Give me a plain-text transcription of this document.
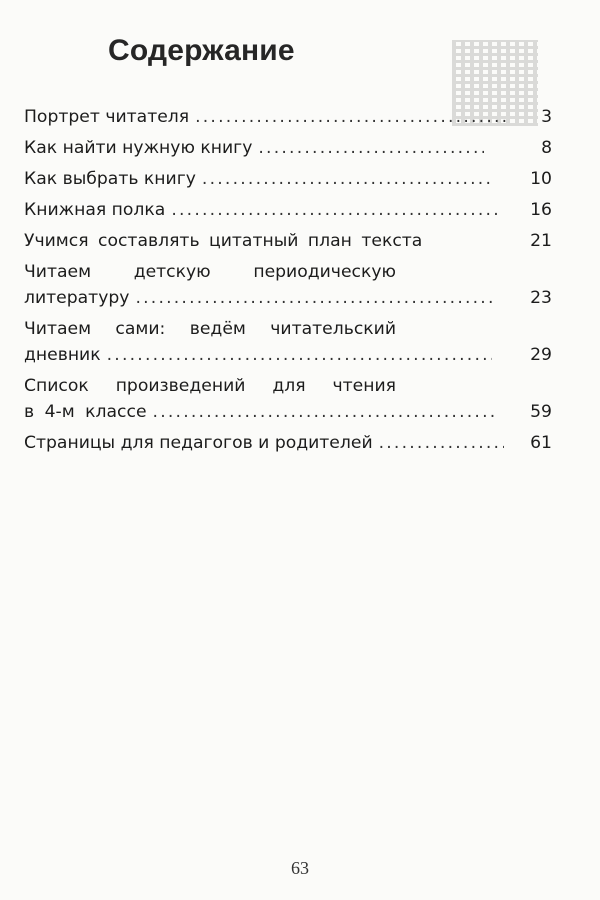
Содержание
Портрет читателя .....	3
Как найти нужную книгу .....	8
Как выбрать книгу .....	10
Книжная полка .....	16
Учимся составлять цитатный план текста	21
Читаем детскую периодическую
литературу .....	23
Читаем сами: ведём читательский
дневник .....	29
Список произведений для чтения
в 4-м классе .....	59
Страницы для педагогов и родителей .....	61
63
